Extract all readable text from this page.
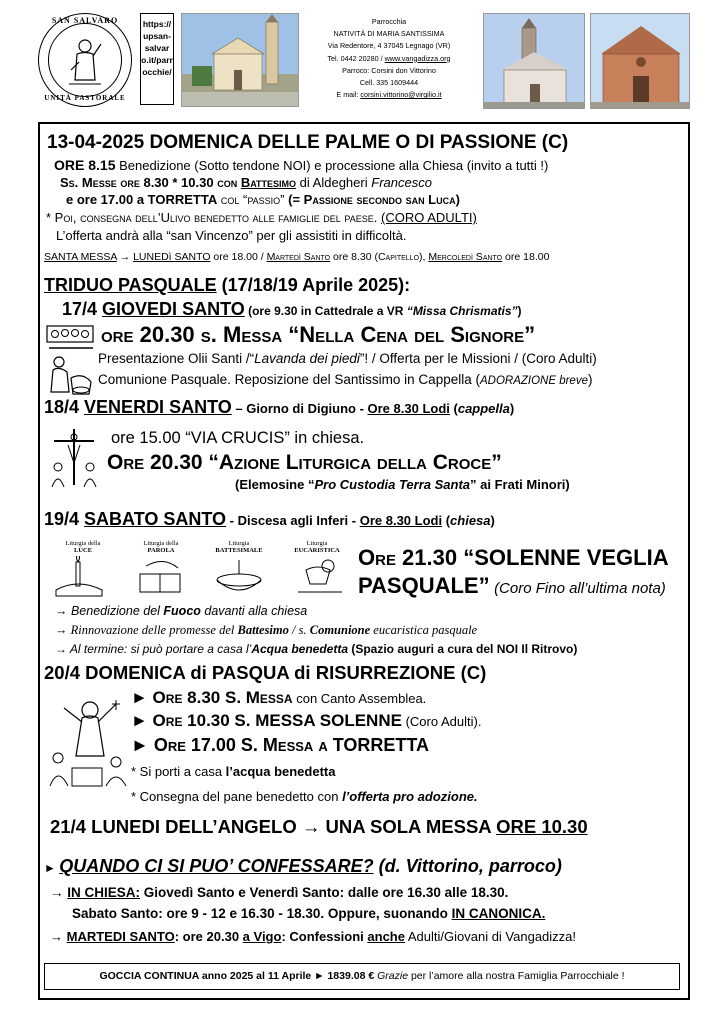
SAN SALVARO
UNITÀ PASTORALE
https://upsan-salvaro.it/parrocchie/
Parrocchia
NATIVITÀ DI MARIA SANTISSIMA
Via Redentore, 4 37045 Legnago (VR)
Tel. 0442 20280 / www.vangadizza.org
Parroco: Corsini don Vittorino
Cell. 335 1609444
E mail: corsini.vittorino@virgilio.it
13-04-2025 DOMENICA DELLE PALME O DI PASSIONE (C)
ORE 8.15 Benedizione (Sotto tendone NOI) e processione alla Chiesa (invito a tutti !)
Ss. Messe ore 8.30 * 10.30 con Battesimo di Aldegheri Francesco
e ore 17.00 a TORRETTA col “passio” (= Passione secondo san Luca)
* Poi, consegna dell’Ulivo benedetto alle famiglie del paese. (CORO ADULTI)
L’offerta andrà alla “san Vincenzo” per gli assistiti in difficoltà.
SANTA MESSA → LUNEDì SANTO ore 18.00 / Martedì Santo ore 8.30 (Capitello), Mercoledì Santo ore 18.00
TRIDUO PASQUALE (17/18/19 Aprile 2025):
17/4 GIOVEDI SANTO (ore 9.30 in Cattedrale a VR “Missa Chrismatis”)
ore 20.30 s. Messa “Nella Cena del Signore”
Presentazione Olii Santi /“Lavanda dei piedi”! / Offerta per le Missioni / (Coro Adulti)
Comunione Pasquale. Reposizione del Santissimo in Cappella (ADORAZIONE breve)
18/4 VENERDI SANTO – Giorno di Digiuno - Ore 8.30 Lodi (cappella)
ore 15.00 “VIA CRUCIS” in chiesa.
Ore 20.30 “Azione Liturgica della Croce”
(Elemosine “Pro Custodia Terra Santa” ai Frati Minori)
19/4 SABATO SANTO - Discesa agli Inferi - Ore 8.30 Lodi (chiesa)
Liturgia della
LUCE
Liturgia della
PAROLA
Liturgia
BATTESIMALE
Liturgia
EUCARISTICA Ore 21.30 “SOLENNE VEGLIA
PASQUALE” (Coro Fino all’ultima nota)
→ Benedizione del Fuoco davanti alla chiesa
→ Rinnovazione delle promesse del Battesimo / s. Comunione eucaristica pasquale
→ Al termine: si può portare a casa l’Acqua benedetta (Spazio auguri a cura del NOI Il Ritrovo)
20/4 DOMENICA di PASQUA di RISURREZIONE (C)
► Ore 8.30 S. Messa con Canto Assemblea.
► Ore 10.30 S. MESSA SOLENNE (Coro Adulti).
► Ore 17.00 S. Messa a TORRETTA
* Si porti a casa l’acqua benedetta
* Consegna del pane benedetto con l’offerta pro adozione.
21/4 LUNEDI DELL’ANGELO → UNA SOLA MESSA ORE 10.30
► QUANDO CI SI PUO’ CONFESSARE? (d. Vittorino, parroco)
→ IN CHIESA: Giovedì Santo e Venerdì Santo: dalle ore 16.30 alle 18.30.
Sabato Santo: ore 9 - 12 e 16.30 - 18.30. Oppure, suonando IN CANONICA.
→ MARTEDI SANTO: ore 20.30 a Vigo: Confessioni anche Adulti/Giovani di Vangadizza!
GOCCIA CONTINUA anno 2025 al 11 Aprile ► 1839.08 € Grazie per l’amore alla nostra Famiglia Parrocchiale !
